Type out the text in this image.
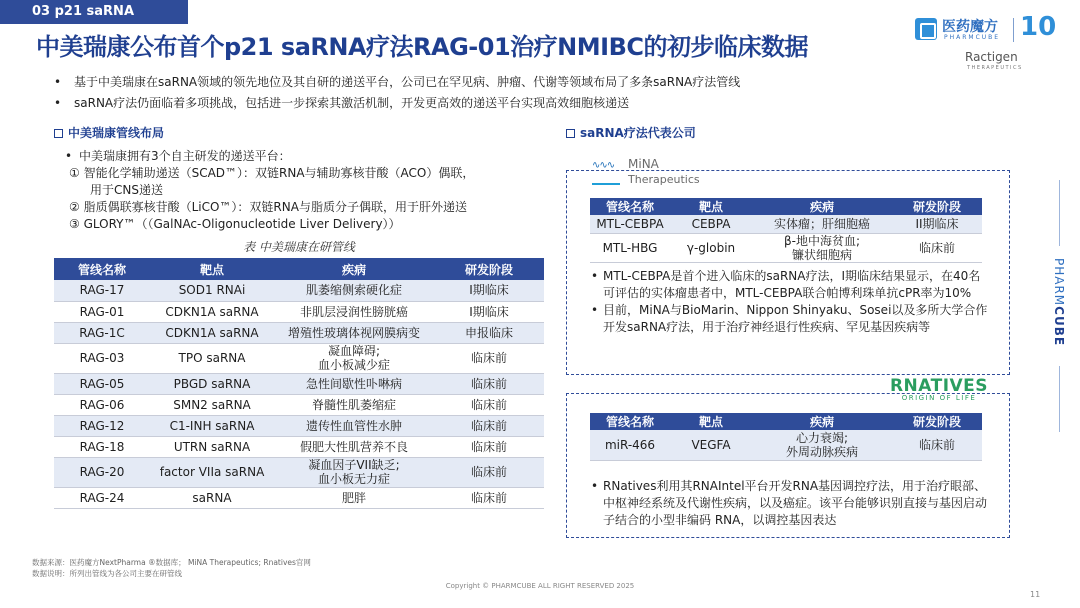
03 p21 saRNA
中美瑞康公布首个p21 saRNA疗法RAG-01治疗NMIBC的初步临床数据
医药魔方
PHARMCUBE 10
Ractigen
THERAPEUTICS
• 基于中美瑞康在saRNA领域的领先地位及其自研的递送平台，公司已在罕见病、肿瘤、代谢等领域布局了多条saRNA疗法管线
• saRNA疗法仍面临着多项挑战，包括进一步探索其激活机制，开发更高效的递送平台实现高效细胞核递送
中美瑞康管线布局	saRNA疗法代表公司
• 中美瑞康拥有3个自主研发的递送平台：
① 智能化学辅助递送（SCAD™）：双链RNA与辅助寡核苷酸（ACO）偶联，
用于CNS递送
② 脂质偶联寡核苷酸（LiCO™）：双链RNA与脂质分子偶联，用于肝外递送
③ GLORY™（（GalNAc-Oligonucleotide Liver Delivery））
表 中美瑞康在研管线
管线名称	靶点	疾病	研发阶段
RAG-17	SOD1 RNAi	肌萎缩侧索硬化症	I期临床
RAG-01	CDKN1A saRNA	非肌层浸润性膀胱癌	I期临床
RAG-1C	CDKN1A saRNA	增殖性玻璃体视网膜病变	申报临床
RAG-03	TPO saRNA	凝血障碍;
血小板减少症	临床前
RAG-05	PBGD saRNA	急性间歇性卟啉病	临床前
RAG-06	SMN2 saRNA	脊髓性肌萎缩症	临床前
RAG-12	C1-INH saRNA	遗传性血管性水肿	临床前
RAG-18	UTRN saRNA	假肥大性肌营养不良	临床前
RAG-20	factor VIIa saRNA	凝血因子VII缺乏;
血小板无力症	临床前
RAG-24	saRNA	肥胖	临床前
∿∿∿ MiNA
Therapeutics
管线名称	靶点	疾病	研发阶段
MTL-CEBPA	CEBPA	实体瘤；肝细胞癌	II期临床
MTL-HBG	γ-globin	β-地中海贫血;
镰状细胞病	临床前
• MTL-CEBPA是首个进入临床的saRNA疗法，I期临床结果显示，在40名可评估的实体瘤患者中，MTL-CEBPA联合帕博利珠单抗cPR率为10%
• 目前，MiNA与BioMarin、Nippon Shinyaku、Sosei以及多所大学合作开发saRNA疗法，用于治疗神经退行性疾病、罕见基因疾病等
RNATIVES
ORIGIN OF LIFE
管线名称	靶点	疾病	研发阶段
miR-466	VEGFA	心力衰竭;
外周动脉疾病	临床前
• RNatives利用其RNAIntel平台开发RNA基因调控疗法，用于治疗眼部、中枢神经系统及代谢性疾病，以及癌症。该平台能够识别直接与基因启动子结合的小型非编码 RNA，以调控基因表达
PHARMCUBE
数据来源：医药魔方NextPharma ®数据库； MiNA Therapeutics; Rnatives官网
数据说明：所列出管线为各公司主要在研管线
Copyright © PHARMCUBE ALL RIGHT RESERVED 2025
11
